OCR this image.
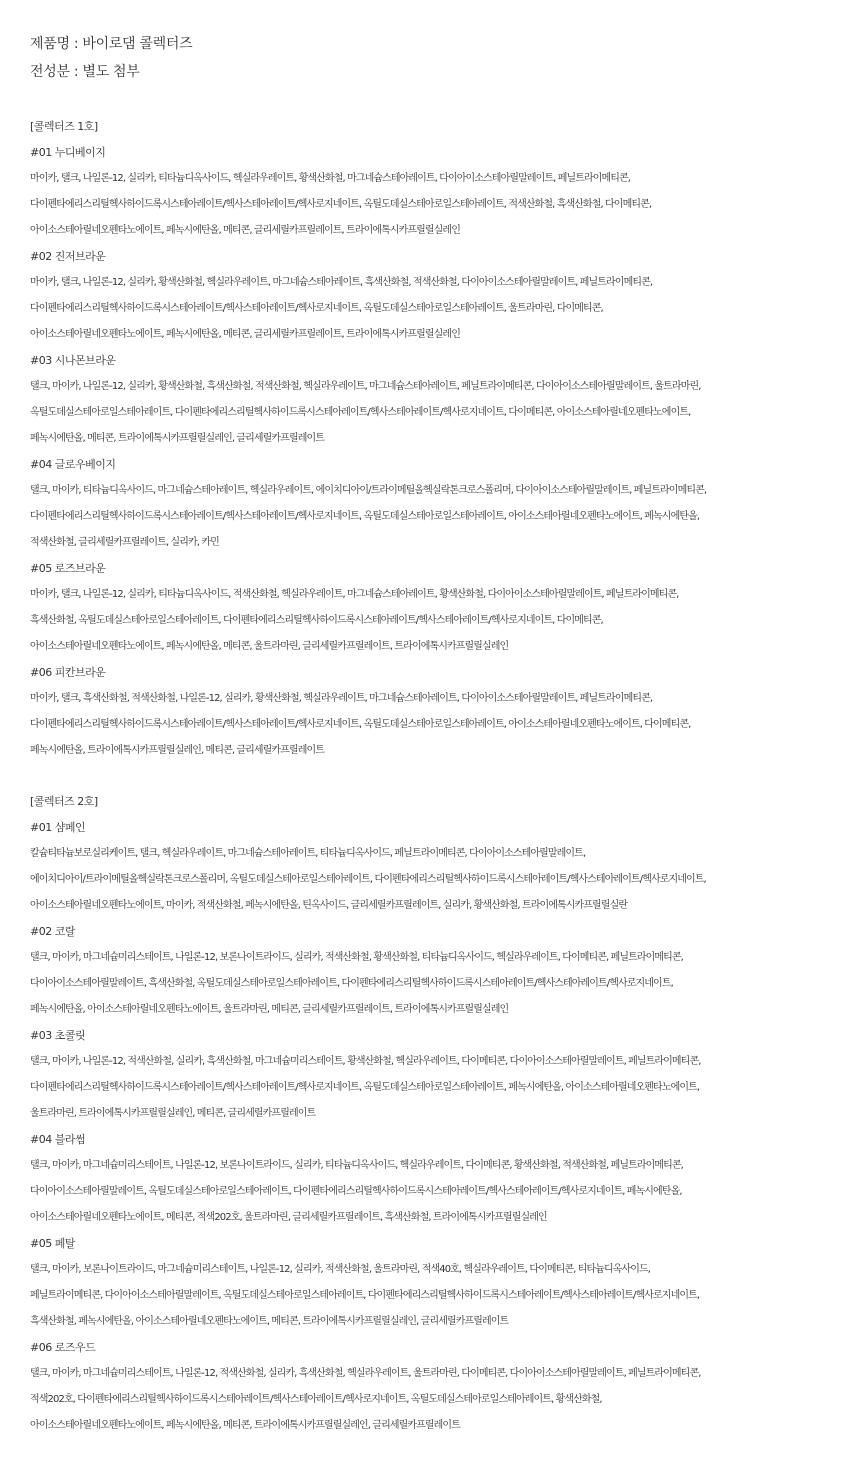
제품명 : 바이로댐 콜렉터즈
전성분 : 별도 첨부
[콜렉터즈 1호]
#01 누디베이지
마이카, 탤크, 나일론-12, 실리카, 티타늄디옥사이드, 헥실라우레이트, 황색산화철, 마그네슘스테아레이트, 다이아이소스테아릴말레이트, 페닐트라이메티콘,
다이펜타에리스리틸헥사하이드록시스테아레이트/헥사스테아레이트/헥사로지네이트, 옥틸도데실스테아로일스테아레이트, 적색산화철, 흑색산화철, 다이메티콘,
아이소스테아릴네오펜타노에이트, 페녹시에탄올, 메티콘, 글리세릴카프릴레이트, 트라이에톡시카프릴릴실레인
#02 진저브라운
마이카, 탤크, 나일론-12, 실리카, 황색산화철, 헥실라우레이트, 마그네슘스테아레이트, 흑색산화철, 적색산화철, 다이아이소스테아릴말레이트, 페닐트라이메티콘,
다이펜타에리스리틸헥사하이드록시스테아레이트/헥사스테아레이트/헥사로지네이트, 옥틸도데실스테아로일스테아레이트, 울트라마린, 다이메티콘,
아이소스테아릴네오펜타노에이트, 페녹시에탄올, 메티콘, 글리세릴카프릴레이트, 트라이에톡시카프릴릴실레인
#03 시나몬브라운
탤크, 마이카, 나일론-12, 실리카, 황색산화철, 흑색산화철, 적색산화철, 헥실라우레이트, 마그네슘스테아레이트, 페닐트라이메티콘, 다이아이소스테아릴말레이트, 울트라마린,
옥틸도데실스테아로일스테아레이트, 다이펜타에리스리틸헥사하이드록시스테아레이트/헥사스테아레이트/헥사로지네이트, 다이메티콘, 아이소스테아릴네오펜타노에이트,
페녹시에탄올, 메티콘, 트라이에톡시카프릴릴실레인, 글리세릴카프릴레이트
#04 글로우베이지
탤크, 마이카, 티타늄디옥사이드, 마그네슘스테아레이트, 헥실라우레이트, 에이치디아이/트라이메틸올헥실락톤크로스폴리머, 다이아이소스테아릴말레이트, 페닐트라이메티콘,
다이펜타에리스리틸헥사하이드록시스테아레이트/헥사스테아레이트/헥사로지네이트, 옥틸도데실스테아로일스테아레이트, 아이소스테아릴네오펜타노에이트, 페녹시에탄올,
적색산화철, 글리세릴카프릴레이트, 실리카, 카민
#05 로즈브라운
마이카, 탤크, 나일론-12, 실리카, 티타늄디옥사이드, 적색산화철, 헥실라우레이트, 마그네슘스테아레이트, 황색산화철, 다이아이소스테아릴말레이트, 페닐트라이메티콘,
흑색산화철, 옥틸도데실스테아로일스테아레이트, 다이펜타에리스리틸헥사하이드록시스테아레이트/헥사스테아레이트/헥사로지네이트, 다이메티콘,
아이소스테아릴네오펜타노에이트, 페녹시에탄올, 메티콘, 울트라마린, 글리세릴카프릴레이트, 트라이에톡시카프릴릴실레인
#06 피칸브라운
마이카, 탤크, 흑색산화철, 적색산화철, 나일론-12, 실리카, 황색산화철, 헥실라우레이트, 마그네슘스테아레이트, 다이아이소스테아릴말레이트, 페닐트라이메티콘,
다이펜타에리스리틸헥사하이드록시스테아레이트/헥사스테아레이트/헥사로지네이트, 옥틸도데실스테아로일스테아레이트, 아이소스테아릴네오펜타노에이트, 다이메티콘,
페녹시에탄올, 트라이에톡시카프릴릴실레인, 메티콘, 글리세릴카프릴레이트
[콜렉터즈 2호]
#01 샴페인
칼슘티타늄보로실리케이트, 탤크, 헥실라우레이트, 마그네슘스테아레이트, 티타늄디옥사이드, 페닐트라이메티콘, 다이아이소스테아릴말레이트,
에이치디아이/트라이메틸올헥실락톤크로스폴리머, 옥틸도데실스테아로일스테아레이트, 다이펜타에리스리틸헥사하이드록시스테아레이트/헥사스테아레이트/헥사로지네이트,
아이소스테아릴네오펜타노에이트, 마이카, 적색산화철, 페녹시에탄올, 틴옥사이드, 글리세릴카프릴레이트, 실리카, 황색산화철, 트라이에톡시카프릴릴실란
#02 코랄
탤크, 마이카, 마그네슘미리스테이트, 나일론-12, 보론나이트라이드, 실리카, 적색산화철, 황색산화철, 티타늄디옥사이드, 헥실라우레이트, 다이메티콘, 페닐트라이메티콘,
다이아이소스테아릴말레이트, 흑색산화철, 옥틸도데실스테아로일스테아레이트, 다이펜타에리스리틸헥사하이드록시스테아레이트/헥사스테아레이트/헥사로지네이트,
페녹시에탄올, 아이소스테아릴네오펜타노에이트, 울트라마린, 메티콘, 글리세릴카프릴레이트, 트라이에톡시카프릴릴실레인
#03 초콜릿
탤크, 마이카, 나일론-12, 적색산화철, 실리카, 흑색산화철, 마그네슘미리스테이트, 황색산화철, 헥실라우레이트, 다이메티콘, 다이아이소스테아릴말레이트, 페닐트라이메티콘,
다이펜타에리스리틸헥사하이드록시스테아레이트/헥사스테아레이트/헥사로지네이트, 옥틸도데실스테아로일스테아레이트, 페녹시에탄올, 아이소스테아릴네오펜타노에이트,
울트라마린, 트라이에톡시카프릴릴실레인, 메티콘, 글리세릴카프릴레이트
#04 블라썸
탤크, 마이카, 마그네슘미리스테이트, 나일론-12, 보론나이트라이드, 실리카, 티타늄디옥사이드, 헥실라우레이트, 다이메티콘, 황색산화철, 적색산화철, 페닐트라이메티콘,
다이아이소스테아릴말레이트, 옥틸도데실스테아로일스테아레이트, 다이펜타에리스리틸헥사하이드록시스테아레이트/헥사스테아레이트/헥사로지네이트, 페녹시에탄올,
아이소스테아릴네오펜타노에이트, 메티콘, 적색202호, 울트라마린, 글리세릴카프릴레이트, 흑색산화철, 트라이에톡시카프릴릴실레인
#05 페탈
탤크, 마이카, 보론나이트라이드, 마그네슘미리스테이트, 나일론-12, 실리카, 적색산화철, 울트라마린, 적색40호, 헥실라우레이트, 다이메티콘, 티타늄디옥사이드,
페닐트라이메티콘, 다이아이소스테아릴말레이트, 옥틸도데실스테아로일스테아레이트, 다이펜타에리스리틸헥사하이드록시스테아레이트/헥사스테아레이트/헥사로지네이트,
흑색산화철, 페녹시에탄올, 아이소스테아릴네오펜타노에이트, 메티콘, 트라이에톡시카프릴릴실레인, 글리세릴카프릴레이트
#06 로즈우드
탤크, 마이카, 마그네슘미리스테이트, 나일론-12, 적색산화철, 실리카, 흑색산화철, 헥실라우레이트, 울트라마린, 다이메티콘, 다이아이소스테아릴말레이트, 페닐트라이메티콘,
적색202호, 다이펜타에리스리틸헥사하이드록시스테아레이트/헥사스테아레이트/헥사로지네이트, 옥틸도데실스테아로일스테아레이트, 황색산화철,
아이소스테아릴네오펜타노에이트, 페녹시에탄올, 메티콘, 트라이에톡시카프릴릴실레인, 글리세릴카프릴레이트
